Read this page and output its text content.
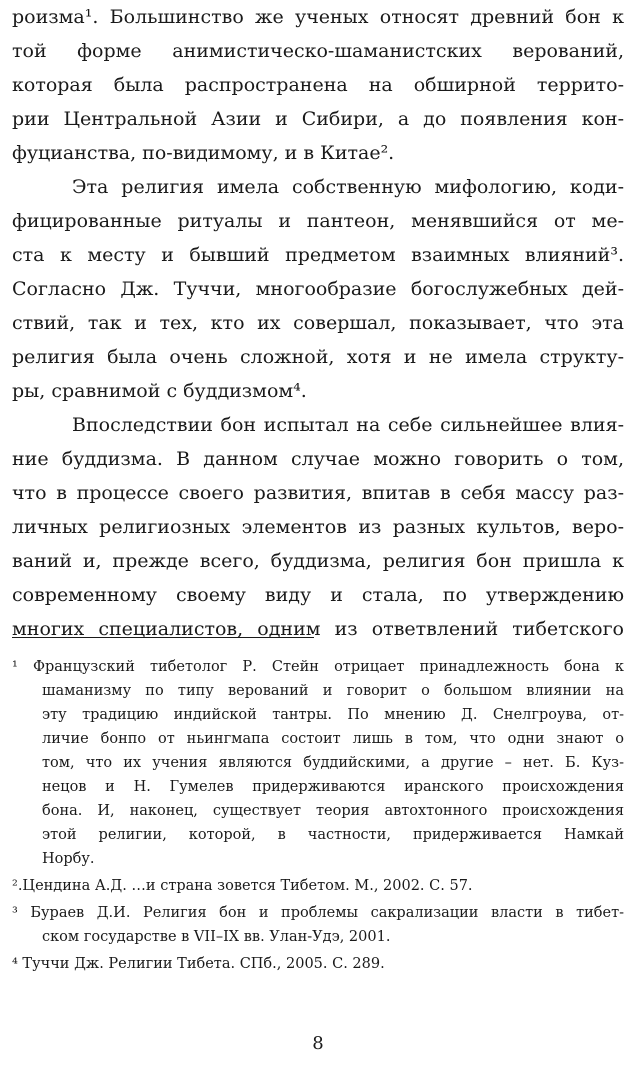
роизма¹. Большинство же ученых относят древний бон к
той форме анимистическо-шаманистских верований,
которая была распространена на обширной террито-
рии Центральной Азии и Сибири, а до появления кон-
фуцианства, по-видимому, и в Китае².
Эта религия имела собственную мифологию, коди-
фицированные ритуалы и пантеон, менявшийся от ме-
ста к месту и бывший предметом взаимных влияний³.
Согласно Дж. Туччи, многообразие богослужебных дей-
ствий, так и тех, кто их совершал, показывает, что эта
религия была очень сложной, хотя и не имела структу-
ры, сравнимой с буддизмом⁴.
Впоследствии бон испытал на себе сильнейшее влия-
ние буддизма. В данном случае можно говорить о том,
что в процессе своего развития, впитав в себя массу раз-
личных религиозных элементов из разных культов, веро-
ваний и, прежде всего, буддизма, религия бон пришла к
современному своему виду и стала, по утверждению
многих специалистов, одним из ответвлений тибетского
¹ Французский тибетолог Р. Стейн отрицает принадлежность бона к
шаманизму по типу верований и говорит о большом влиянии на
эту традицию индийской тантры. По мнению Д. Снелгроува, от-
личие бонпо от ньингмапа состоит лишь в том, что одни знают о
том, что их учения являются буддийскими, а другие – нет. Б. Куз-
нецов и Н. Гумелев придерживаются иранского происхождения
бона. И, наконец, существует теория автохтонного происхождения
этой религии, которой, в частности, придерживается Намкай
Норбу.
².Цендина А.Д. …и страна зовется Тибетом. М., 2002. С. 57.
³ Бураев Д.И. Религия бон и проблемы сакрализации власти в тибет-
ском государстве в VII–IX вв. Улан-Удэ, 2001.
⁴ Туччи Дж. Религии Тибета. СПб., 2005. С. 289.
8
